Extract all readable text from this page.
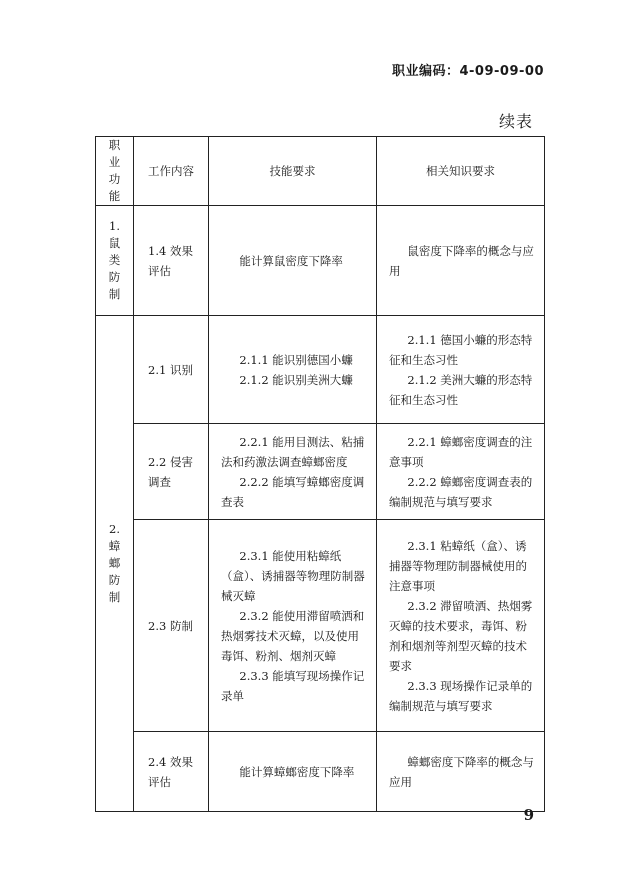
职业编码：4-09-09-00
续表
职业功能	工作内容	技能要求	相关知识要求
1. 鼠类防制	1.4 效果评估	能计算鼠密度下降率	鼠密度下降率的概念与应用

2. 蟑螂防制	2.1 识别	2.1.1 能识别德国小蠊
2.1.2 能识别美洲大蠊	2.1.1 德国小蠊的形态特征和生态习性
2.1.2 美洲大蠊的形态特征和生态习性

	2.2 侵害调查	2.2.1 能用目测法、粘捕法和药激法调查蟑螂密度
2.2.2 能填写蟑螂密度调查表	2.2.1 蟑螂密度调查的注意事项
2.2.2 蟑螂密度调查表的编制规范与填写要求

	2.3 防制	2.3.1 能使用粘蟑纸（盒）、诱捕器等物理防制器械灭蟑
2.3.2 能使用滞留喷洒和热烟雾技术灭蟑，以及使用毒饵、粉剂、烟剂灭蟑
2.3.3 能填写现场操作记录单	2.3.1 粘蟑纸（盒）、诱捕器等物理防制器械使用的注意事项
2.3.2 滞留喷洒、热烟雾灭蟑的技术要求，毒饵、粉剂和烟剂等剂型灭蟑的技术要求
2.3.3 现场操作记录单的编制规范与填写要求

	2.4 效果评估	能计算蟑螂密度下降率	蟑螂密度下降率的概念与应用
9
